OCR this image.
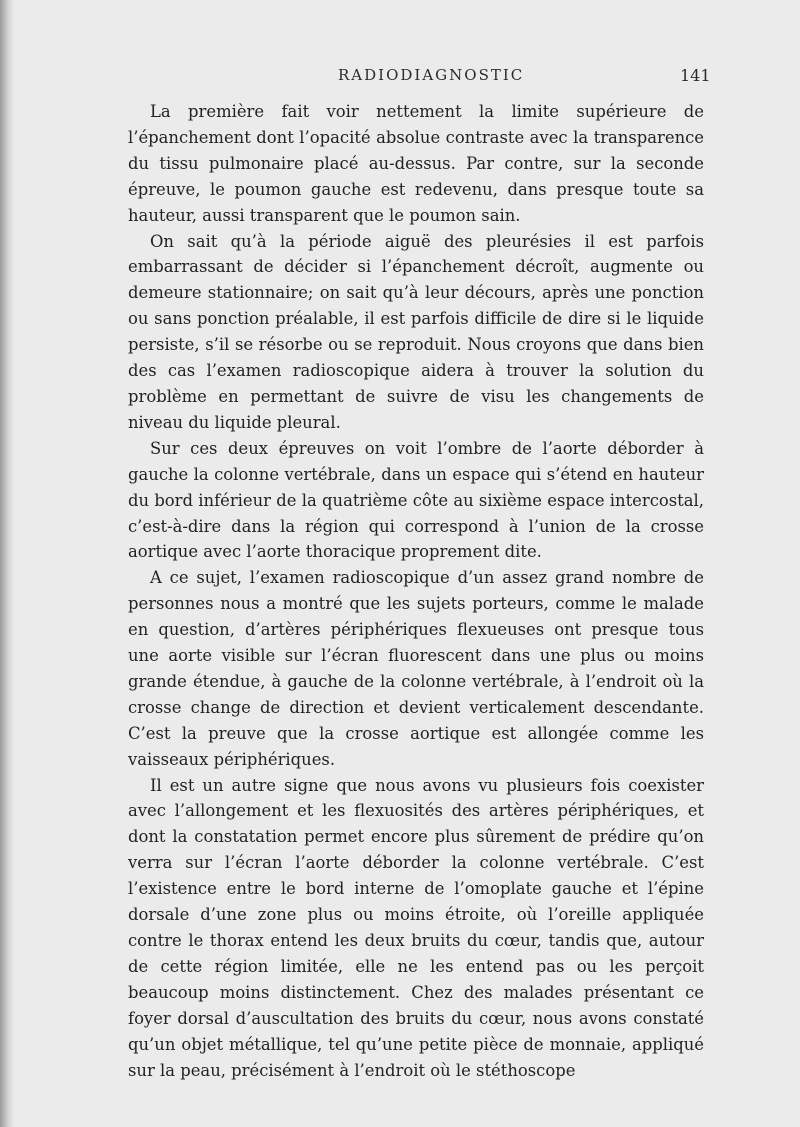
RADIODIAGNOSTIC	141

La première fait voir nettement la limite supérieure de l’épanchement dont l’opacité absolue contraste avec la transparence du tissu pulmonaire placé au-dessus. Par contre, sur la seconde épreuve, le poumon gauche est redevenu, dans presque toute sa hauteur, aussi transparent que le poumon sain.

On sait qu’à la période aiguë des pleurésies il est parfois embarrassant de décider si l’épanchement décroît, augmente ou demeure stationnaire; on sait qu’à leur décours, après une ponction ou sans ponction préalable, il est parfois difficile de dire si le liquide persiste, s’il se résorbe ou se reproduit. Nous croyons que dans bien des cas l’examen radioscopique aidera à trouver la solution du problème en permettant de suivre de visu les changements de niveau du liquide pleural.

Sur ces deux épreuves on voit l’ombre de l’aorte déborder à gauche la colonne vertébrale, dans un espace qui s’étend en hauteur du bord inférieur de la quatrième côte au sixième espace intercostal, c’est-à-dire dans la région qui correspond à l’union de la crosse aortique avec l’aorte thoracique proprement dite.

A ce sujet, l’examen radioscopique d’un assez grand nombre de personnes nous a montré que les sujets porteurs, comme le malade en question, d’artères périphériques flexueuses ont presque tous une aorte visible sur l’écran fluorescent dans une plus ou moins grande étendue, à gauche de la colonne vertébrale, à l’endroit où la crosse change de direction et devient verticalement descendante. C’est la preuve que la crosse aortique est allongée comme les vaisseaux périphériques.

Il est un autre signe que nous avons vu plusieurs fois coexister avec l’allongement et les flexuosités des artères périphériques, et dont la constatation permet encore plus sûrement de prédire qu’on verra sur l’écran l’aorte déborder la colonne vertébrale. C’est l’existence entre le bord interne de l’omoplate gauche et l’épine dorsale d’une zone plus ou moins étroite, où l’oreille appliquée contre le thorax entend les deux bruits du cœur, tandis que, autour de cette région limitée, elle ne les entend pas ou les perçoit beaucoup moins distinctement. Chez des malades présentant ce foyer dorsal d’auscultation des bruits du cœur, nous avons constaté qu’un objet métallique, tel qu’une petite pièce de monnaie, appliqué sur la peau, précisément à l’endroit où le stéthoscope
